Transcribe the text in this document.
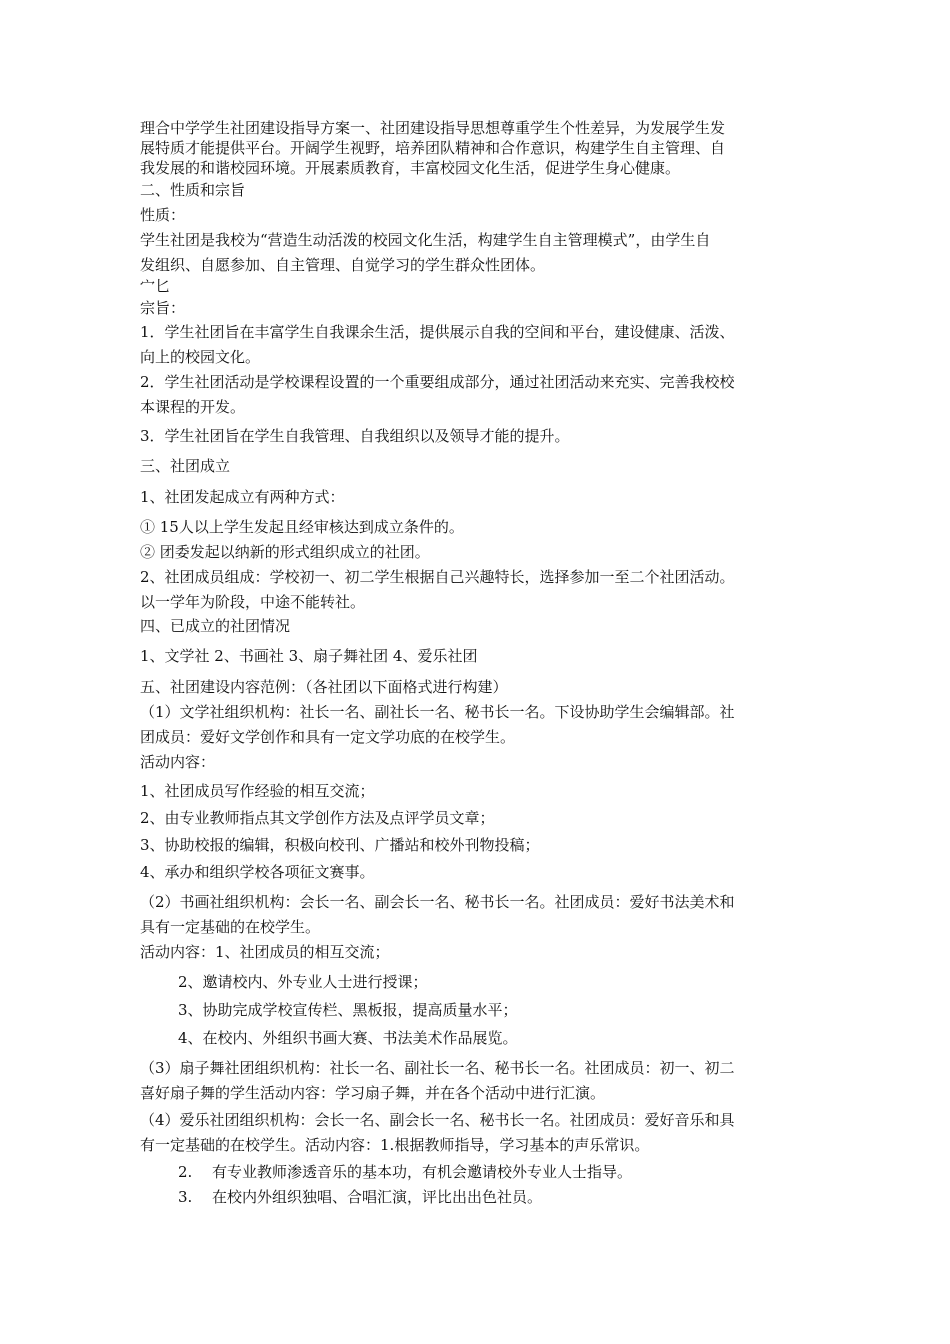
理合中学学生社团建设指导方案一、社团建设指导思想尊重学生个性差异，为发展学生发
展特质才能提供平台。开阔学生视野，培养团队精神和合作意识，构建学生自主管理、自
我发展的和谐校园环境。开展素质教育，丰富校园文化生活，促进学生身心健康。
二、性质和宗旨
性质：
学生社团是我校为“营造生动活泼的校园文化生活，构建学生自主管理模式”，由学生自
发组织、自愿参加、自主管理、自觉学习的学生群众性团体。
宀匕
宗旨：
1．学生社团旨在丰富学生自我课余生活，提供展示自我的空间和平台，建设健康、活泼、
向上的校园文化。
2．学生社团活动是学校课程设置的一个重要组成部分，通过社团活动来充实、完善我校校
本课程的开发。
3．学生社团旨在学生自我管理、自我组织以及领导才能的提升。
三、社团成立
1、社团发起成立有两种方式：
① 15人以上学生发起且经审核达到成立条件的。
② 团委发起以纳新的形式组织成立的社团。
2、社团成员组成：学校初一、初二学生根据自己兴趣特长，选择参加一至二个社团活动。
以一学年为阶段，中途不能转社。
四、已成立的社团情况
1、文学社 2、书画社 3、扇子舞社团 4、爱乐社团
五、社团建设内容范例：（各社团以下面格式进行构建）
（1）文学社组织机构：社长一名、副社长一名、秘书长一名。下设协助学生会编辑部。社
团成员：爱好文学创作和具有一定文学功底的在校学生。
活动内容：
1、社团成员写作经验的相互交流；
2、由专业教师指点其文学创作方法及点评学员文章；
3、协助校报的编辑，积极向校刊、广播站和校外刊物投稿；
4、承办和组织学校各项征文赛事。
（2）书画社组织机构：会长一名、副会长一名、秘书长一名。社团成员：爱好书法美术和
具有一定基础的在校学生。
活动内容：1、社团成员的相互交流；
2、邀请校内、外专业人士进行授课；
3、协助完成学校宣传栏、黑板报，提高质量水平；
4、在校内、外组织书画大赛、书法美术作品展览。
（3）扇子舞社团组织机构：社长一名、副社长一名、秘书长一名。社团成员：初一、初二
喜好扇子舞的学生活动内容：学习扇子舞，并在各个活动中进行汇演。
（4）爱乐社团组织机构：会长一名、副会长一名、秘书长一名。社团成员：爱好音乐和具
有一定基础的在校学生。活动内容：1.根据教师指导，学习基本的声乐常识。
2. 有专业教师渗透音乐的基本功，有机会邀请校外专业人士指导。
3. 在校内外组织独唱、合唱汇演，评比出出色社员。
